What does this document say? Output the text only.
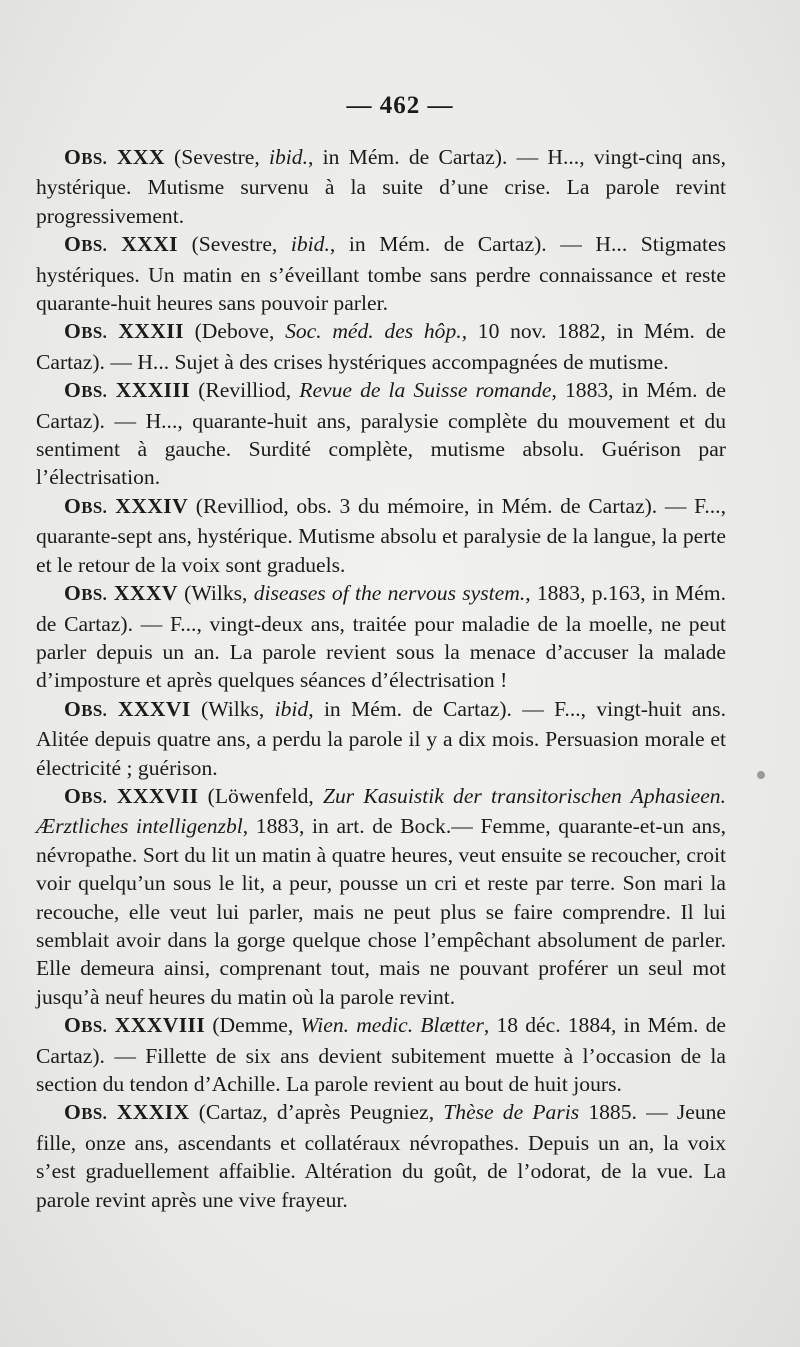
— 462 —

OBS. XXX (Sevestre, ibid., in Mém. de Cartaz). — H..., vingt-cinq ans, hystérique. Mutisme survenu à la suite d’une crise. La parole revint progressivement.

OBS. XXXI (Sevestre, ibid., in Mém. de Cartaz). — H... Stigmates hystériques. Un matin en s’éveillant tombe sans perdre connaissance et reste quarante-huit heures sans pouvoir parler.

OBS. XXXII (Debove, Soc. méd. des hôp., 10 nov. 1882, in Mém. de Cartaz). — H... Sujet à des crises hystériques accompagnées de mutisme.

OBS. XXXIII (Revilliod, Revue de la Suisse romande, 1883, in Mém. de Cartaz). — H..., quarante-huit ans, paralysie complète du mouvement et du sentiment à gauche. Surdité complète, mutisme absolu. Guérison par l’électrisation.

OBS. XXXIV (Revilliod, obs. 3 du mémoire, in Mém. de Cartaz). — F..., quarante-sept ans, hystérique. Mutisme absolu et paralysie de la langue, la perte et le retour de la voix sont graduels.

OBS. XXXV (Wilks, diseases of the nervous system., 1883, p.163, in Mém. de Cartaz). — F..., vingt-deux ans, traitée pour maladie de la moelle, ne peut parler depuis un an. La parole revient sous la menace d’accuser la malade d’imposture et après quelques séances d’électrisation !

OBS. XXXVI (Wilks, ibid, in Mém. de Cartaz). — F..., vingt-huit ans. Alitée depuis quatre ans, a perdu la parole il y a dix mois. Persuasion morale et électricité ; guérison.

OBS. XXXVII (Löwenfeld, Zur Kasuistik der transitorischen Aphasieen. Ærztliches intelligenzbl, 1883, in art. de Bock.— Femme, quarante-et-un ans, névropathe. Sort du lit un matin à quatre heures, veut ensuite se recoucher, croit voir quelqu’un sous le lit, a peur, pousse un cri et reste par terre. Son mari la recouche, elle veut lui parler, mais ne peut plus se faire comprendre. Il lui semblait avoir dans la gorge quelque chose l’empêchant absolument de parler. Elle demeura ainsi, comprenant tout, mais ne pouvant proférer un seul mot jusqu’à neuf heures du matin où la parole revint.

OBS. XXXVIII (Demme, Wien. medic. Blætter, 18 déc. 1884, in Mém. de Cartaz). — Fillette de six ans devient subitement muette à l’occasion de la section du tendon d’Achille. La parole revient au bout de huit jours.

OBS. XXXIX (Cartaz, d’après Peugniez, Thèse de Paris 1885. — Jeune fille, onze ans, ascendants et collatéraux névropathes. Depuis un an, la voix s’est graduellement affaiblie. Altération du goût, de l’odorat, de la vue. La parole revint après une vive frayeur.
